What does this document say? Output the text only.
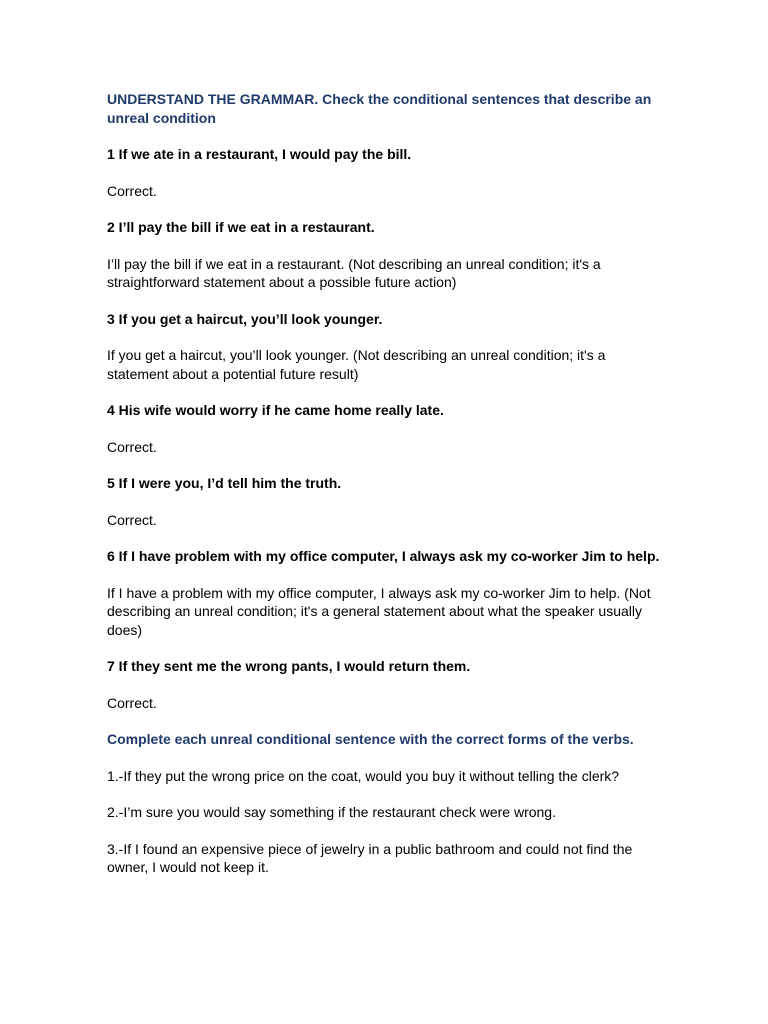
UNDERSTAND THE GRAMMAR. Check the conditional sentences that describe an unreal condition

1 If we ate in a restaurant, I would pay the bill.

Correct.

2 I’ll pay the bill if we eat in a restaurant.

I’ll pay the bill if we eat in a restaurant. (Not describing an unreal condition; it's a straightforward statement about a possible future action)

3 If you get a haircut, you’ll look younger.

If you get a haircut, you’ll look younger. (Not describing an unreal condition; it's a statement about a potential future result)

4 His wife would worry if he came home really late.

Correct.

5 If I were you, I’d tell him the truth.

Correct.

6 If I have problem with my office computer, I always ask my co-worker Jim to help.

If I have a problem with my office computer, I always ask my co-worker Jim to help. (Not describing an unreal condition; it's a general statement about what the speaker usually does)

7 If they sent me the wrong pants, I would return them.

Correct.

Complete each unreal conditional sentence with the correct forms of the verbs.

1.-If they put the wrong price on the coat, would you buy it without telling the clerk?

2.-I’m sure you would say something if the restaurant check were wrong.

3.-If I found an expensive piece of jewelry in a public bathroom and could not find the owner, I would not keep it.
